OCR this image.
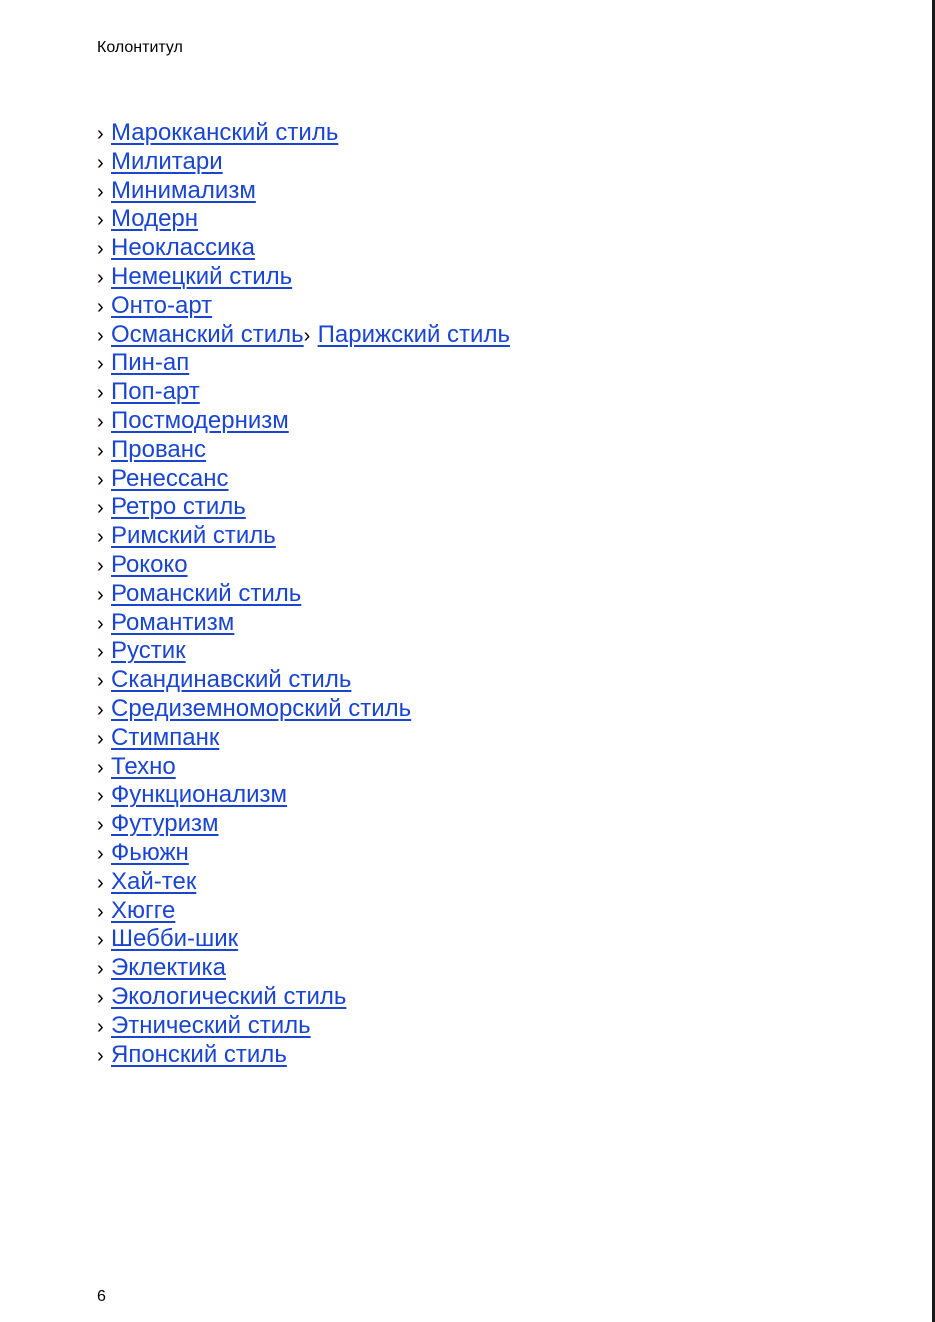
Колонтитул
› Марокканский стиль
› Милитари
› Минимализм
› Модерн
› Неоклассика
› Немецкий стиль
› Онто-арт
› Османский стиль› Парижский стиль
› Пин-ап
› Поп-арт
› Постмодернизм
› Прованс
› Ренессанс
› Ретро стиль
› Римский стиль
› Рококо
› Романский стиль
› Романтизм
› Рустик
› Скандинавский стиль
› Средиземноморский стиль
› Стимпанк
› Техно
› Функционализм
› Футуризм
› Фьюжн
› Хай-тек
› Хюгге
› Шебби-шик
› Эклектика
› Экологический стиль
› Этнический стиль
› Японский стиль
6
